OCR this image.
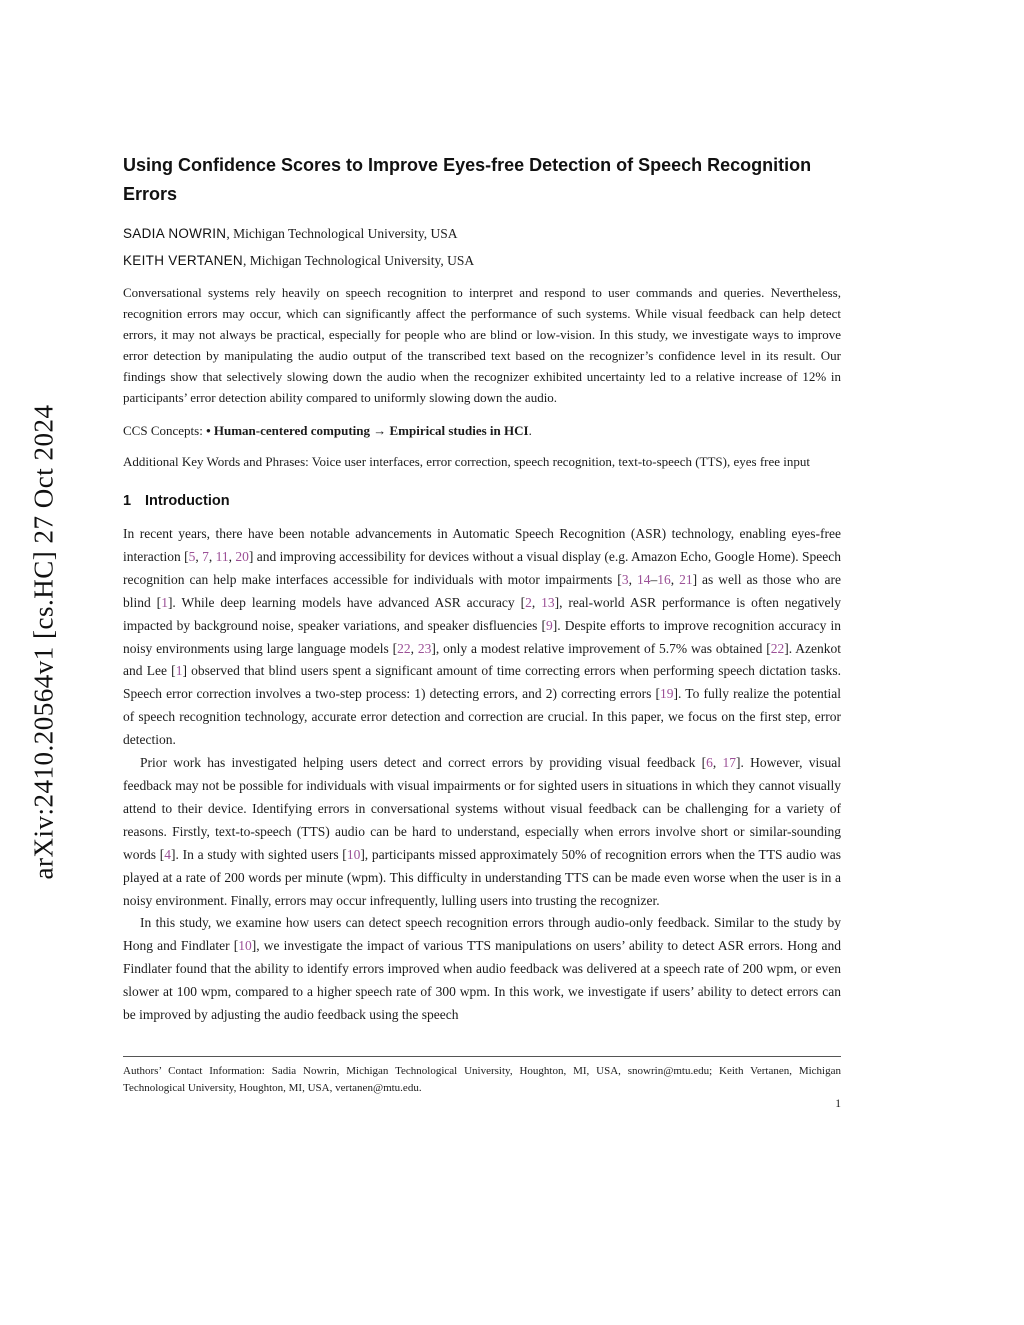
arXiv:2410.20564v1 [cs.HC] 27 Oct 2024
Using Confidence Scores to Improve Eyes-free Detection of Speech Recognition Errors
SADIA NOWRIN, Michigan Technological University, USA
KEITH VERTANEN, Michigan Technological University, USA

Conversational systems rely heavily on speech recognition to interpret and respond to user commands and queries. Nevertheless, recognition errors may occur, which can significantly affect the performance of such systems. While visual feedback can help detect errors, it may not always be practical, especially for people who are blind or low-vision. In this study, we investigate ways to improve error detection by manipulating the audio output of the transcribed text based on the recognizer’s confidence level in its result. Our findings show that selectively slowing down the audio when the recognizer exhibited uncertainty led to a relative increase of 12% in participants’ error detection ability compared to uniformly slowing down the audio.

CCS Concepts: • Human-centered computing → Empirical studies in HCI.

Additional Key Words and Phrases: Voice user interfaces, error correction, speech recognition, text-to-speech (TTS), eyes free input

1 Introduction

In recent years, there have been notable advancements in Automatic Speech Recognition (ASR) technology, enabling eyes-free interaction [5, 7, 11, 20] and improving accessibility for devices without a visual display (e.g. Amazon Echo, Google Home). Speech recognition can help make interfaces accessible for individuals with motor impairments [3, 14–16, 21] as well as those who are blind [1]. While deep learning models have advanced ASR accuracy [2, 13], real-world ASR performance is often negatively impacted by background noise, speaker variations, and speaker disfluencies [9]. Despite efforts to improve recognition accuracy in noisy environments using large language models [22, 23], only a modest relative improvement of 5.7% was obtained [22]. Azenkot and Lee [1] observed that blind users spent a significant amount of time correcting errors when performing speech dictation tasks. Speech error correction involves a two-step process: 1) detecting errors, and 2) correcting errors [19]. To fully realize the potential of speech recognition technology, accurate error detection and correction are crucial. In this paper, we focus on the first step, error detection.

Prior work has investigated helping users detect and correct errors by providing visual feedback [6, 17]. However, visual feedback may not be possible for individuals with visual impairments or for sighted users in situations in which they cannot visually attend to their device. Identifying errors in conversational systems without visual feedback can be challenging for a variety of reasons. Firstly, text-to-speech (TTS) audio can be hard to understand, especially when errors involve short or similar-sounding words [4]. In a study with sighted users [10], participants missed approximately 50% of recognition errors when the TTS audio was played at a rate of 200 words per minute (wpm). This difficulty in understanding TTS can be made even worse when the user is in a noisy environment. Finally, errors may occur infrequently, lulling users into trusting the recognizer.

In this study, we examine how users can detect speech recognition errors through audio-only feedback. Similar to the study by Hong and Findlater [10], we investigate the impact of various TTS manipulations on users’ ability to detect ASR errors. Hong and Findlater found that the ability to identify errors improved when audio feedback was delivered at a speech rate of 200 wpm, or even slower at 100 wpm, compared to a higher speech rate of 300 wpm. In this work, we investigate if users’ ability to detect errors can be improved by adjusting the audio feedback using the speech

Authors’ Contact Information: Sadia Nowrin, Michigan Technological University, Houghton, MI, USA, snowrin@mtu.edu; Keith Vertanen, Michigan Technological University, Houghton, MI, USA, vertanen@mtu.edu.

1
